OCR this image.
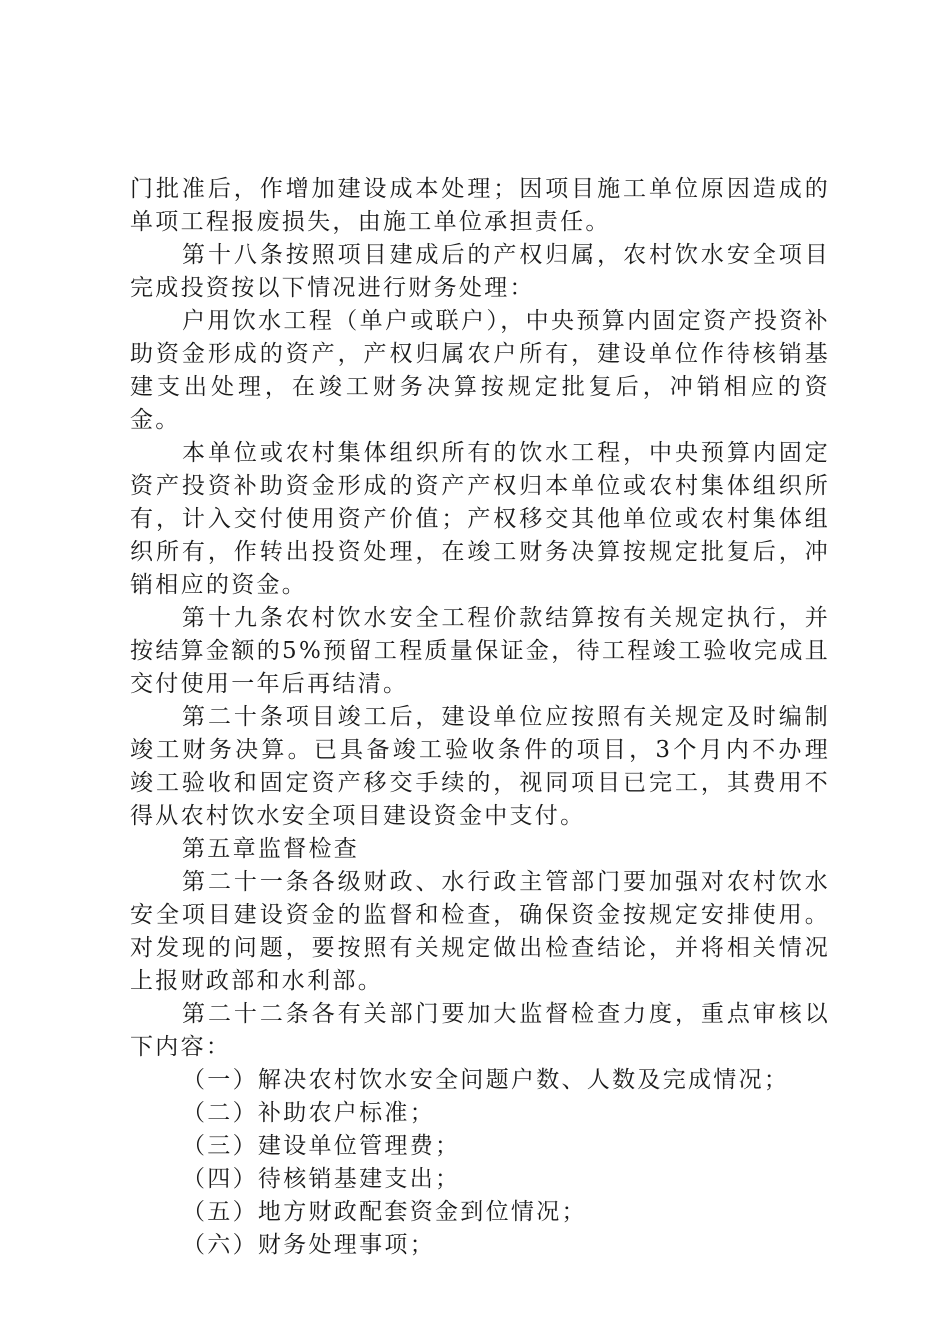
门批准后，作增加建设成本处理；因项目施工单位原因造成的单项工程报废损失，由施工单位承担责任。

第十八条按照项目建成后的产权归属，农村饮水安全项目完成投资按以下情况进行财务处理：

户用饮水工程（单户或联户），中央预算内固定资产投资补助资金形成的资产，产权归属农户所有，建设单位作待核销基建支出处理，在竣工财务决算按规定批复后，冲销相应的资金。

本单位或农村集体组织所有的饮水工程，中央预算内固定资产投资补助资金形成的资产产权归本单位或农村集体组织所有，计入交付使用资产价值；产权移交其他单位或农村集体组织所有，作转出投资处理，在竣工财务决算按规定批复后，冲销相应的资金。

第十九条农村饮水安全工程价款结算按有关规定执行，并按结算金额的5%预留工程质量保证金，待工程竣工验收完成且交付使用一年后再结清。

第二十条项目竣工后，建设单位应按照有关规定及时编制竣工财务决算。已具备竣工验收条件的项目，3个月内不办理竣工验收和固定资产移交手续的，视同项目已完工，其费用不得从农村饮水安全项目建设资金中支付。

第五章监督检查

第二十一条各级财政、水行政主管部门要加强对农村饮水安全项目建设资金的监督和检查，确保资金按规定安排使用。对发现的问题，要按照有关规定做出检查结论，并将相关情况上报财政部和水利部。

第二十二条各有关部门要加大监督检查力度，重点审核以下内容：

（一）解决农村饮水安全问题户数、人数及完成情况；

（二）补助农户标准；

（三）建设单位管理费；

（四）待核销基建支出；

（五）地方财政配套资金到位情况；

（六）财务处理事项；
